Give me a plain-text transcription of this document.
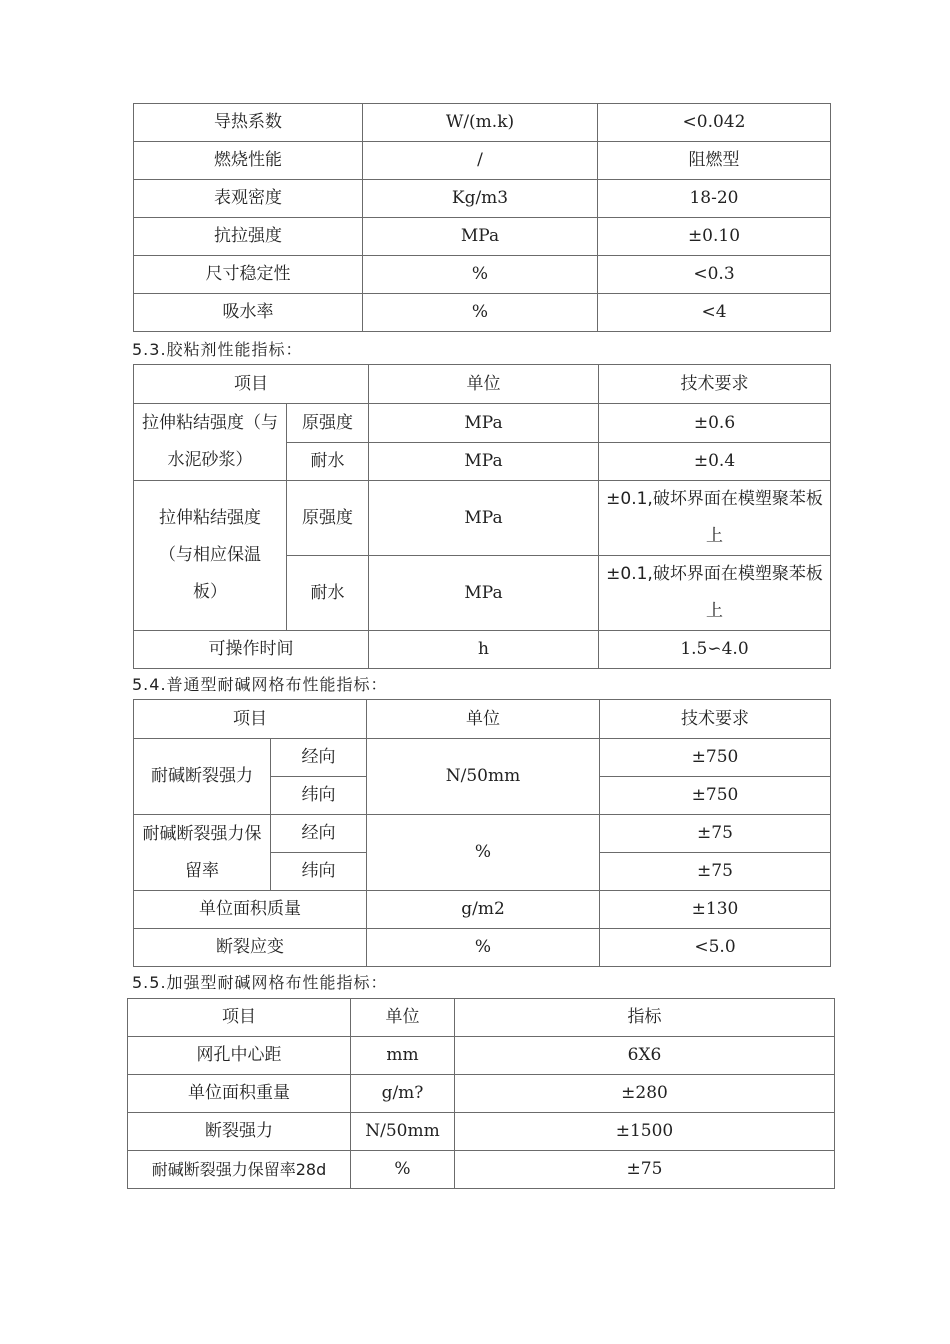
导热系数	W/(m.k)	<0.042
燃烧性能	/	阻燃型
表观密度	Kg/m3	18-20
抗拉强度	MPa	±0.10
尺寸稳定性	%	<0.3
吸水率	%	<4
5.3.胶粘剂性能指标：
项目		单位	技术要求

拉伸粘结强度（与水泥砂浆）	原强度	MPa	±0.6
	耐水	MPa	±0.4
拉伸粘结强度（与相应保温板）	原强度	MPa	±0.1,破坏界面在模塑聚苯板上
	耐水	MPa	±0.1,破坏界面在模塑聚苯板上
可操作时间		h	1.5∽4.0
5.4.普通型耐碱网格布性能指标：
项目		单位	技术要求
耐碱断裂强力	经向	N/50mm	±750
	纬向		±750
耐碱断裂强力保留率	经向	%	±75
	纬向		±75
单位面积质量		g/m2	±130
断裂应变		%	<5.0
5.5.加强型耐碱网格布性能指标：
项目	单位	指标
网孔中心距	mm	6X6
单位面积重量	g/m?	±280
断裂强力	N/50mm	±1500
耐碱断裂强力保留率28d	%	±75
